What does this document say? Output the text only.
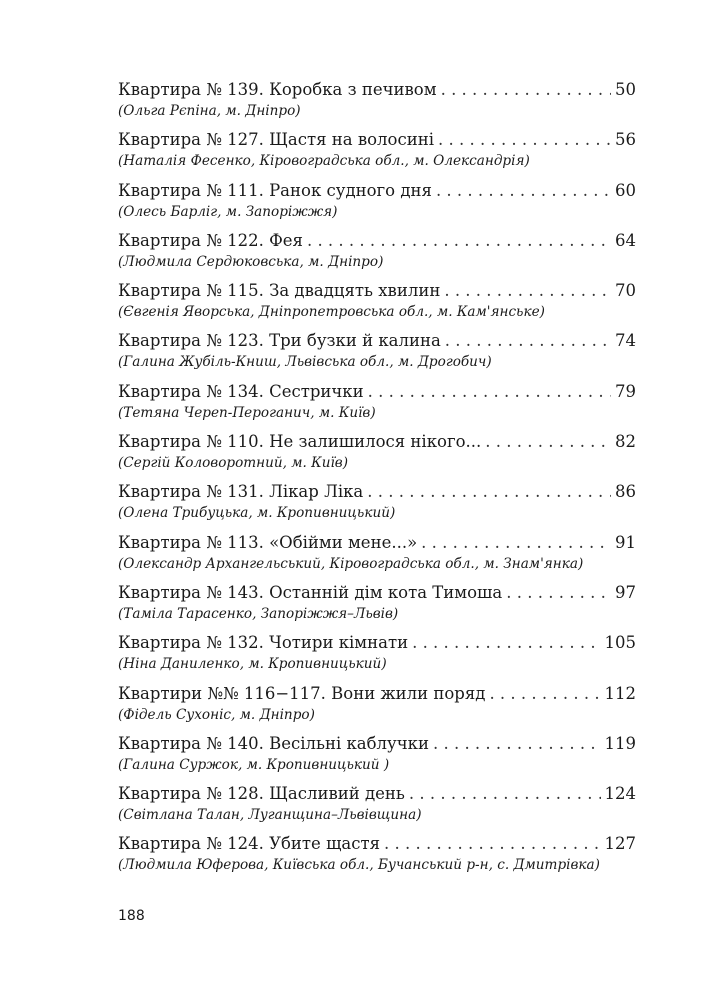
Квартира № 139. Коробка з печивом . . .	50
(Ольга Рєпіна, м. Дніпро)
Квартира № 127. Щастя на волосині . . .	56
(Наталія Фесенко, Кіровоградська обл., м. Олександрія)
Квартира № 111. Ранок судного дня . . .	60
(Олесь Барліг, м. Запоріжжя)
Квартира № 122. Фея . . .	64
(Людмила Сердюковська, м. Дніпро)
Квартира № 115. За двадцять хвилин . . .	70
(Євгенія Яворська, Дніпропетровська обл., м. Кам'янське)
Квартира № 123. Три бузки й калина . . .	74
(Галина Жубіль-Книш, Львівська обл., м. Дрогобич)
Квартира № 134. Сестрички . . .	79
(Тетяна Череп-Пероганич, м. Київ)
Квартира № 110. Не залишилося нікого... . . .	82
(Сергій Коловоротний, м. Київ)
Квартира № 131. Лікар Ліка . . .	86
(Олена Трибуцька, м. Кропивницький)
Квартира № 113. «Обійми мене...» . . .	91
(Олександр Архангельський, Кіровоградська обл., м. Знам'янка)
Квартира № 143. Останній дім кота Тимоша . . .	97
(Таміла Тарасенко, Запоріжжя–Львів)
Квартира № 132. Чотири кімнати . . .	105
(Ніна Даниленко, м. Кропивницький)
Квартири №№ 116−117. Вони жили поряд . . .	112
(Фідель Сухоніс, м. Дніпро)
Квартира № 140. Весільні каблучки . . .	119
(Галина Суржок, м. Кропивницький )
Квартира № 128. Щасливий день . . .	124
(Світлана Талан, Луганщина–Львівщина)
Квартира № 124. Убите щастя . . .	127
(Людмила Юферова, Київська обл., Бучанський р-н, с. Дмитрівка)
188
